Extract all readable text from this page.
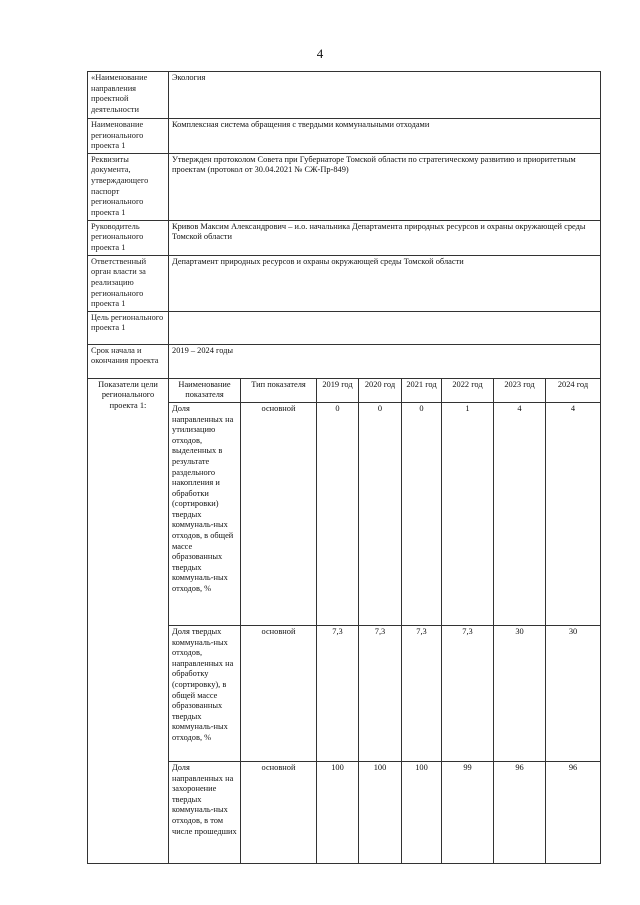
4
«Наименование направления проектной деятельности	Экология							
Наименование регионального проекта 1	Комплексная система обращения с твердыми коммунальными отходами							
Реквизиты документа, утверждающего паспорт регионального проекта 1	Утвержден протоколом Совета при Губернаторе Томской области по стратегическому развитию и приоритетным проектам (протокол от 30.04.2021 № СЖ-Пр-849)							
Руководитель регионального проекта 1	Кривов Максим Александрович – и.о. начальника Департамента природных ресурсов и охраны окружающей среды Томской области							
Ответственный орган власти за реализацию регионального проекта 1	Департамент природных ресурсов и охраны окружающей среды Томской области							
Цель регионального проекта 1								
Срок начала и окончания проекта	2019 – 2024 годы							
Показатели цели регионального проекта 1:	Наименование показателя	Тип показателя	2019 год	2020 год	2021 год	2022 год	2023 год	2024 год
	Доля направленных на утилизацию отходов, выделенных в результате раздельного накопления и обработки (сортировки) твердых коммуналь-ных отходов, в общей массе образованных твердых коммуналь-ных отходов, %	основной	0	0	0	1	4	4
	Доля твердых коммуналь-ных отходов, направленных на обработку (сортировку), в общей массе образованных твердых коммуналь-ных отходов, %	основной	7,3	7,3	7,3	7,3	30	30
	Доля направленных на захоронение твердых коммуналь-ных отходов, в том числе прошедших	основной	100	100	100	99	96	96
